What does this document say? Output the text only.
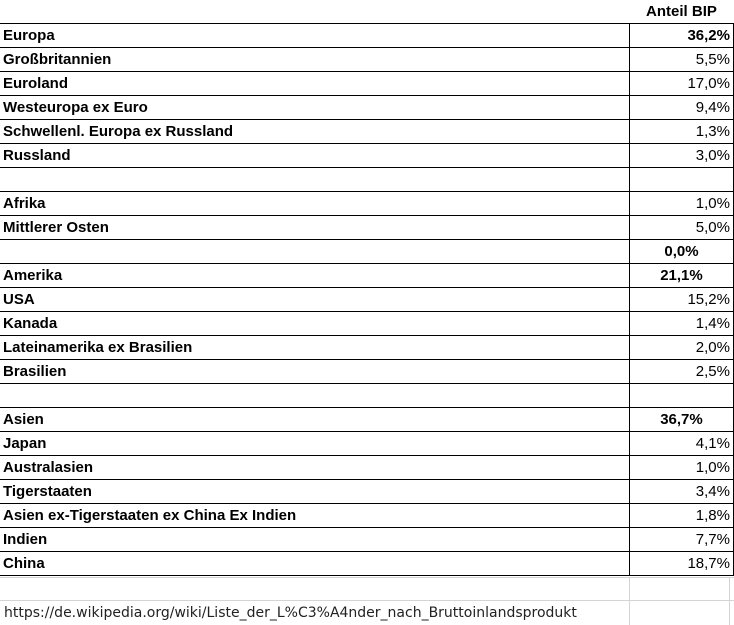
	Anteil BIP
Europa	36,2%
Großbritannien	5,5%
Euroland	17,0%
Westeuropa ex Euro	9,4%
Schwellenl. Europa ex Russland	1,3%
Russland	3,0%

Afrika	1,0%
Mittlerer Osten	5,0%
	0,0%
Amerika	21,1%
USA	15,2%
Kanada	1,4%
Lateinamerika ex Brasilien	2,0%
Brasilien	2,5%

Asien	36,7%
Japan	4,1%
Australasien	1,0%
Tigerstaaten	3,4%
Asien ex-Tigerstaaten ex China Ex Indien	1,8%
Indien	7,7%
China	18,7%
https://de.wikipedia.org/wiki/Liste_der_L%C3%A4nder_nach_Bruttoinlandsprodukt
